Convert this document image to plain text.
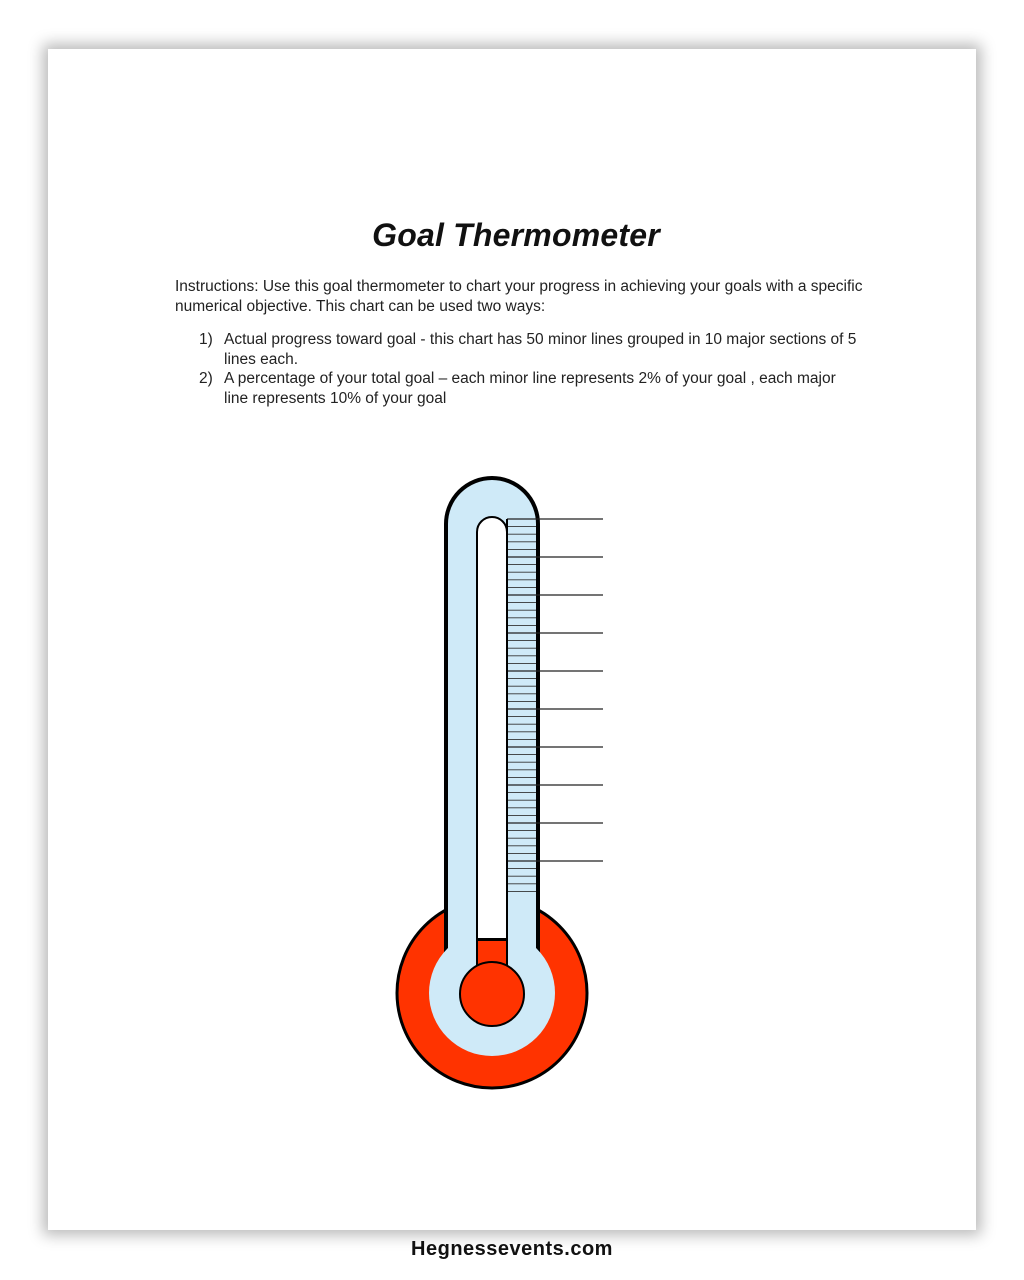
Goal Thermometer

Instructions: Use this goal thermometer to chart your progress in achieving your goals with a specific numerical objective. This chart can be used two ways:

1) Actual progress toward goal - this chart has 50 minor lines grouped in 10 major sections of 5 lines each.
2) A percentage of your total goal – each minor line represents 2% of your goal , each major line represents 10% of your goal
Hegnessevents.com
